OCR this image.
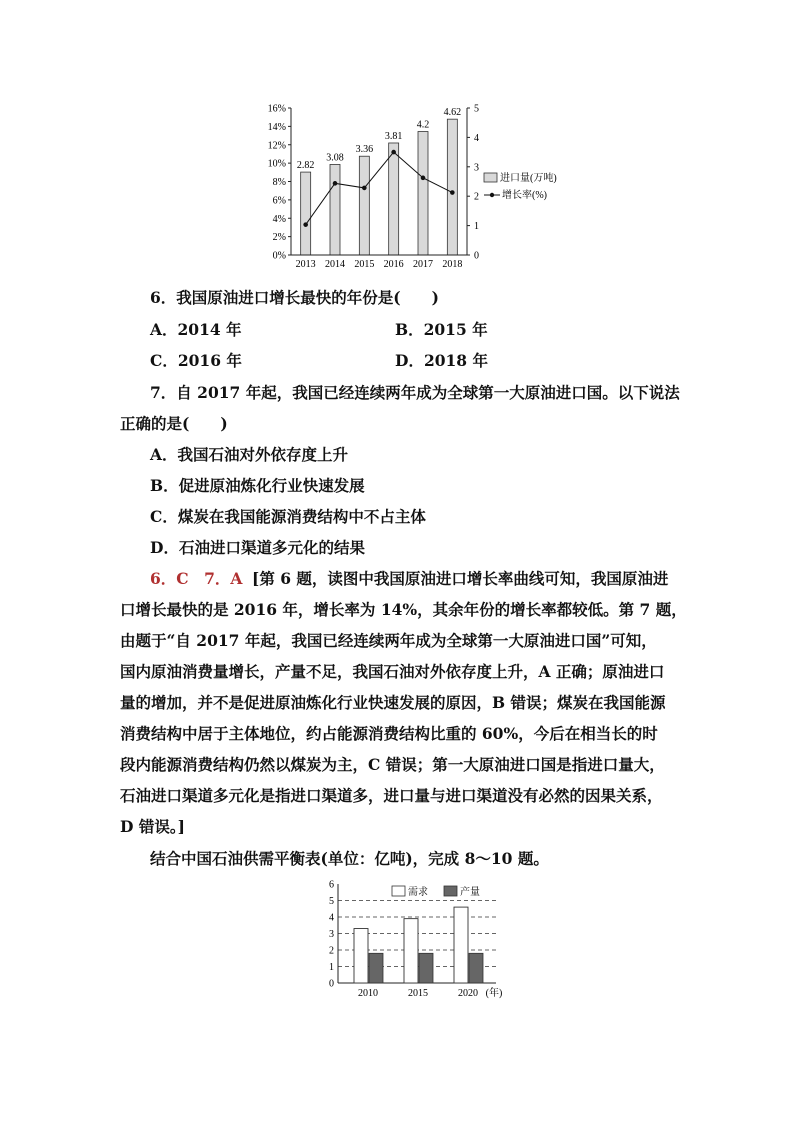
0%
2%
4%
6%
8%
10%
12%
14%
16%
0
1
2
3
4
5
2.82
3.08
3.36
3.81
4.2
4.62
2013 2014 2015 2016 2017 2018
进口量(万吨)
增长率(%)
6．我国原油进口增长最快的年份是(　　)
A．2014 年	B．2015 年
C．2016 年	D．2018 年
7．自 2017 年起，我国已经连续两年成为全球第一大原油进口国。以下说法
正确的是(　　)
A．我国石油对外依存度上升
B．促进原油炼化行业快速发展
C．煤炭在我国能源消费结构中不占主体
D．石油进口渠道多元化的结果
6．C　7．A [第 6 题，读图中我国原油进口增长率曲线可知，我国原油进
口增长最快的是 2016 年，增长率为 14%，其余年份的增长率都较低。第 7 题，
由题于“自 2017 年起，我国已经连续两年成为全球第一大原油进口国”可知，
国内原油消费量增长，产量不足，我国石油对外依存度上升，A 正确；原油进口
量的增加，并不是促进原油炼化行业快速发展的原因，B 错误；煤炭在我国能源
消费结构中居于主体地位，约占能源消费结构比重的 60%，今后在相当长的时
段内能源消费结构仍然以煤炭为主，C 错误；第一大原油进口国是指进口量大，
石油进口渠道多元化是指进口渠道多，进口量与进口渠道没有必然的因果关系，
D 错误。]
结合中国石油供需平衡表(单位：亿吨)，完成 8～10 题。
0
1
2
3
4
5
6
2010	2015	2020 (年)
需求	产量
